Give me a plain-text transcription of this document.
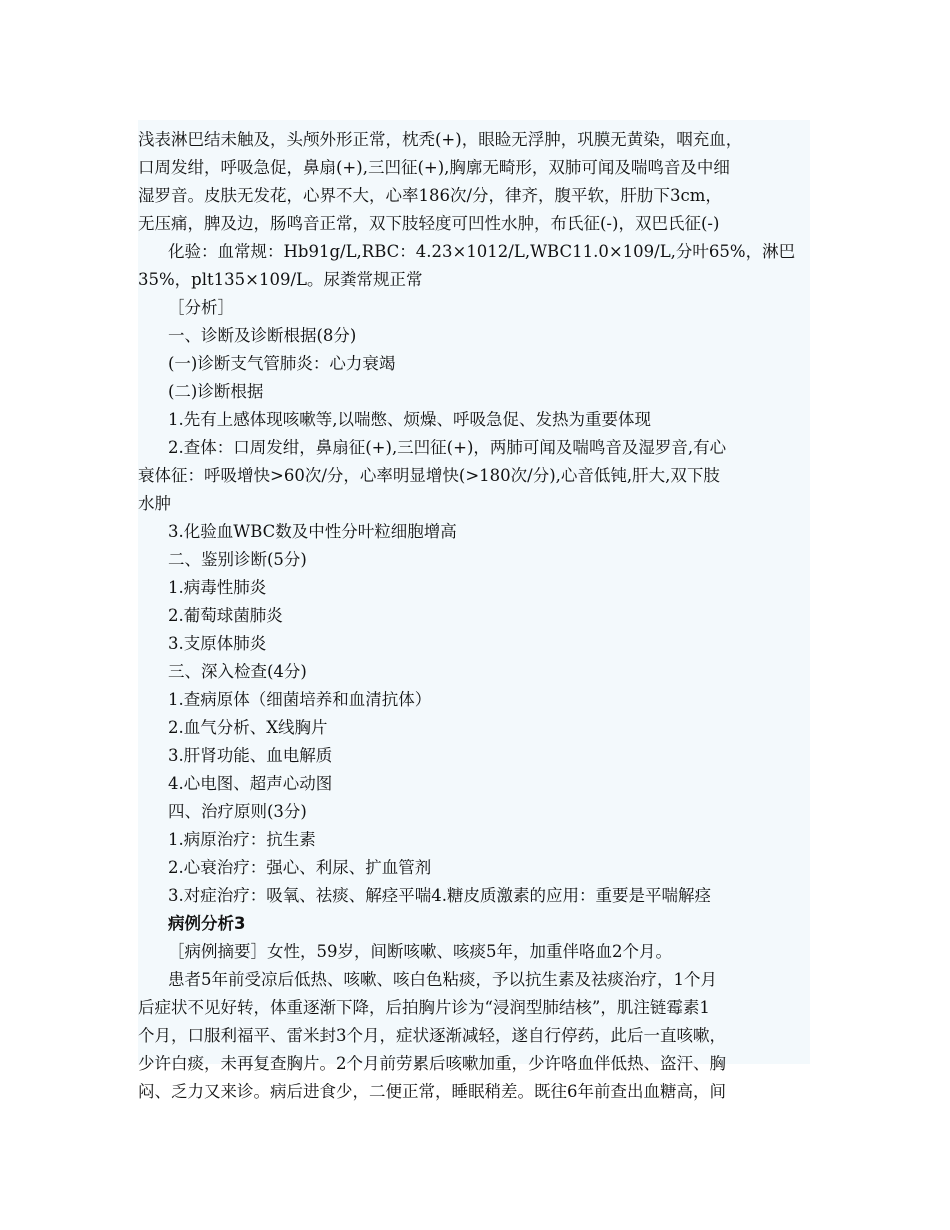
浅表淋巴结未触及，头颅外形正常，枕秃(+)，眼睑无浮肿，巩膜无黄染，咽充血，
口周发绀，呼吸急促，鼻扇(+),三凹征(+),胸廓无畸形，双肺可闻及喘鸣音及中细
湿罗音。皮肤无发花，心界不大，心率186次/分，律齐，腹平软，肝肋下3cm，
无压痛，脾及边，肠鸣音正常，双下肢轻度可凹性水肿，布氏征(-)，双巴氏征(-)
化验：血常规：Hb91g/L,RBC：4.23×1012/L,WBC11.0×109/L,分叶65%，淋巴
35%，plt135×109/L。尿粪常规正常
［分析］
一、诊断及诊断根据(8分)
(一)诊断支气管肺炎：心力衰竭
(二)诊断根据
1.先有上感体现咳嗽等,以喘憋、烦燥、呼吸急促、发热为重要体现
2.查体：口周发绀，鼻扇征(+),三凹征(+)，两肺可闻及喘鸣音及湿罗音,有心
衰体征：呼吸增快>60次/分，心率明显增快(>180次/分),心音低钝,肝大,双下肢
水肿
3.化验血WBC数及中性分叶粒细胞增高
二、鉴别诊断(5分)
1.病毒性肺炎
2.葡萄球菌肺炎
3.支原体肺炎
三、深入检查(4分)
1.查病原体（细菌培养和血清抗体）
2.血气分析、X线胸片
3.肝肾功能、血电解质
4.心电图、超声心动图
四、治疗原则(3分)
1.病原治疗：抗生素
2.心衰治疗：强心、利尿、扩血管剂
3.对症治疗：吸氧、祛痰、解痉平喘4.糖皮质激素的应用：重要是平喘解痉
病例分析3
［病例摘要］女性，59岁，间断咳嗽、咳痰5年，加重伴咯血2个月。
患者5年前受凉后低热、咳嗽、咳白色粘痰，予以抗生素及祛痰治疗，1个月
后症状不见好转，体重逐渐下降，后拍胸片诊为“浸润型肺结核”，肌注链霉素1
个月，口服利福平、雷米封3个月，症状逐渐减轻，遂自行停药，此后一直咳嗽，
少许白痰，未再复查胸片。2个月前劳累后咳嗽加重，少许咯血伴低热、盗汗、胸
闷、乏力又来诊。病后进食少，二便正常，睡眠稍差。既往6年前查出血糖高，间
